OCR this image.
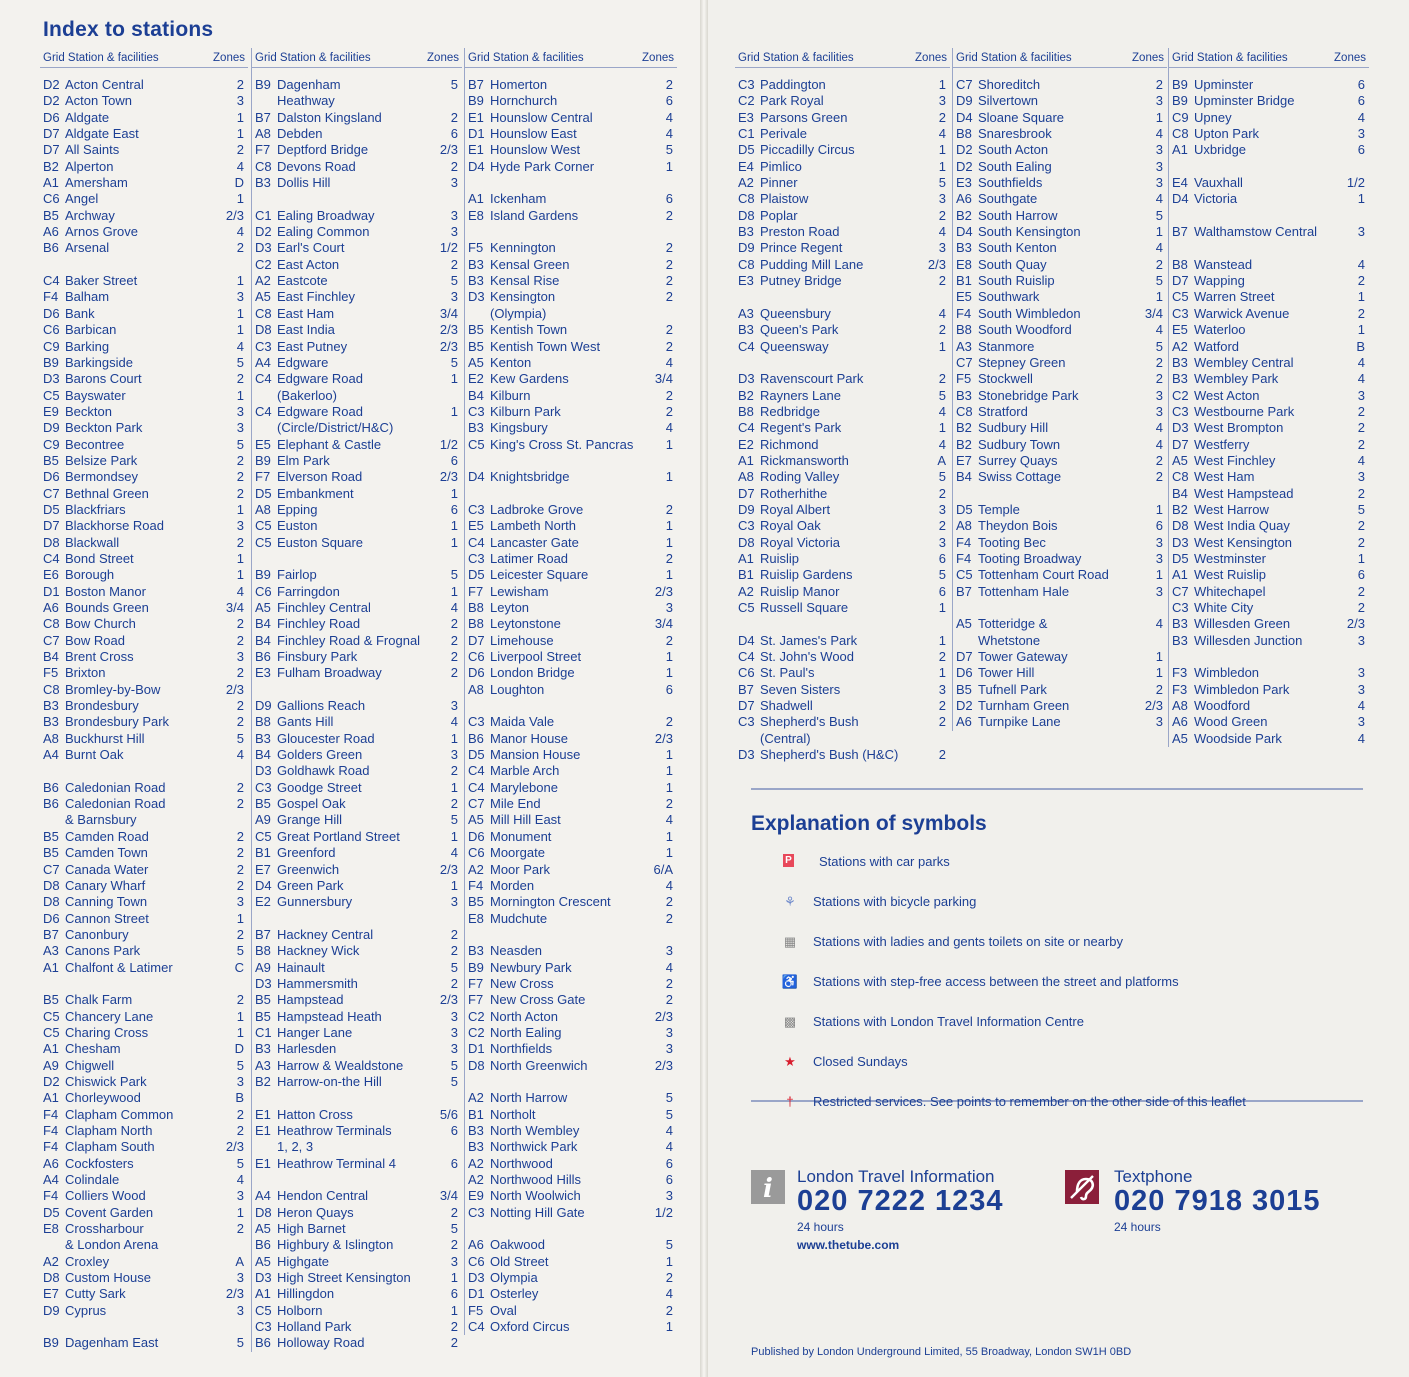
Index to stations
Grid Station & facilities	Zones
D2 Acton Central	2
D2 Acton Town	3
D6 Aldgate	1
D7 Aldgate East	1
D7 All Saints	2
B2 Alperton	4
A1 Amersham	D
C6 Angel	1
B5 Archway	2/3
A6 Arnos Grove	4
B6 Arsenal	2
C4 Baker Street	1
F4 Balham	3
D6 Bank	1
C6 Barbican	1
C9 Barking	4
B9 Barkingside	5
D3 Barons Court	2
C5 Bayswater	1
E9 Beckton	3
D9 Beckton Park	3
C9 Becontree	5
B5 Belsize Park	2
D6 Bermondsey	2
C7 Bethnal Green	2
D5 Blackfriars	1
D7 Blackhorse Road	3
D8 Blackwall	2
C4 Bond Street	1
E6 Borough	1
D1 Boston Manor	4
A6 Bounds Green	3/4
C8 Bow Church	2
C7 Bow Road	2
B4 Brent Cross	3
F5 Brixton	2
C8 Bromley-by-Bow	2/3
B3 Brondesbury	2
B3 Brondesbury Park	2
A8 Buckhurst Hill	5
A4 Burnt Oak	4
B6 Caledonian Road	2
B6 Caledonian Road	2
& Barnsbury
B5 Camden Road	2
B5 Camden Town	2
C7 Canada Water	2
D8 Canary Wharf	2
D8 Canning Town	3
D6 Cannon Street	1
B7 Canonbury	2
A3 Canons Park	5
A1 Chalfont & Latimer	C
B5 Chalk Farm	2
C5 Chancery Lane	1
C5 Charing Cross	1
A1 Chesham	D
A9 Chigwell	5
D2 Chiswick Park	3
A1 Chorleywood	B
F4 Clapham Common	2
F4 Clapham North	2
F4 Clapham South	2/3
A6 Cockfosters	5
A4 Colindale	4
F4 Colliers Wood	3
D5 Covent Garden	1
E8 Crossharbour	2
& London Arena
A2 Croxley	A
D8 Custom House	3
E7 Cutty Sark	2/3
D9 Cyprus	3
B9 Dagenham East	5
Grid Station & facilities	Zones
B9 Dagenham	5
Heathway
B7 Dalston Kingsland	2
A8 Debden	6
F7 Deptford Bridge	2/3
C8 Devons Road	2
B3 Dollis Hill	3
C1 Ealing Broadway	3
D2 Ealing Common	3
D3 Earl's Court	1/2
C2 East Acton	2
A2 Eastcote	5
A5 East Finchley	3
C8 East Ham	3/4
D8 East India	2/3
C3 East Putney	2/3
A4 Edgware	5
C4 Edgware Road	1
(Bakerloo)
C4 Edgware Road	1
(Circle/District/H&C)
E5 Elephant & Castle	1/2
B9 Elm Park	6
F7 Elverson Road	2/3
D5 Embankment	1
A8 Epping	6
C5 Euston	1
C5 Euston Square	1
B9 Fairlop	5
C6 Farringdon	1
A5 Finchley Central	4
B4 Finchley Road	2
B4 Finchley Road & Frognal	2
B6 Finsbury Park	2
E3 Fulham Broadway	2
D9 Gallions Reach	3
B8 Gants Hill	4
B3 Gloucester Road	1
B4 Golders Green	3
D3 Goldhawk Road	2
C3 Goodge Street	1
B5 Gospel Oak	2
A9 Grange Hill	5
C5 Great Portland Street	1
B1 Greenford	4
E7 Greenwich	2/3
D4 Green Park	1
E2 Gunnersbury	3
B7 Hackney Central	2
B8 Hackney Wick	2
A9 Hainault	5
D3 Hammersmith	2
B5 Hampstead	2/3
B5 Hampstead Heath	3
C1 Hanger Lane	3
B3 Harlesden	3
A3 Harrow & Wealdstone	5
B2 Harrow-on-the Hill	5
E1 Hatton Cross	5/6
E1 Heathrow Terminals	6
1, 2, 3
E1 Heathrow Terminal 4	6
A4 Hendon Central	3/4
D8 Heron Quays	2
A5 High Barnet	5
B6 Highbury & Islington	2
A5 Highgate	3
D3 High Street Kensington	1
A1 Hillingdon	6
C5 Holborn	1
C3 Holland Park	2
B6 Holloway Road	2
Grid Station & facilities	Zones
B7 Homerton	2
B9 Hornchurch	6
E1 Hounslow Central	4
D1 Hounslow East	4
E1 Hounslow West	5
D4 Hyde Park Corner	1
A1 Ickenham	6
E8 Island Gardens	2
F5 Kennington	2
B3 Kensal Green	2
B3 Kensal Rise	2
D3 Kensington	2
(Olympia)
B5 Kentish Town	2
B5 Kentish Town West	2
A5 Kenton	4
E2 Kew Gardens	3/4
B4 Kilburn	2
C3 Kilburn Park	2
B3 Kingsbury	4
C5 King's Cross St. Pancras	1
D4 Knightsbridge	1
C3 Ladbroke Grove	2
E5 Lambeth North	1
C4 Lancaster Gate	1
C3 Latimer Road	2
D5 Leicester Square	1
F7 Lewisham	2/3
B8 Leyton	3
B8 Leytonstone	3/4
D7 Limehouse	2
C6 Liverpool Street	1
D6 London Bridge	1
A8 Loughton	6
C3 Maida Vale	2
B6 Manor House	2/3
D5 Mansion House	1
C4 Marble Arch	1
C4 Marylebone	1
C7 Mile End	2
A5 Mill Hill East	4
D6 Monument	1
C6 Moorgate	1
A2 Moor Park	6/A
F4 Morden	4
B5 Mornington Crescent	2
E8 Mudchute	2
B3 Neasden	3
B9 Newbury Park	4
F7 New Cross	2
F7 New Cross Gate	2
C2 North Acton	2/3
C2 North Ealing	3
D1 Northfields	3
D8 North Greenwich	2/3
A2 North Harrow	5
B1 Northolt	5
B3 North Wembley	4
B3 Northwick Park	4
A2 Northwood	6
A2 Northwood Hills	6
E9 North Woolwich	3
C3 Notting Hill Gate	1/2
A6 Oakwood	5
C6 Old Street	1
D3 Olympia	2
D1 Osterley	4
F5 Oval	2
C4 Oxford Circus	1
Grid Station & facilities	Zones
C3 Paddington	1
C2 Park Royal	3
E3 Parsons Green	2
C1 Perivale	4
D5 Piccadilly Circus	1
E4 Pimlico	1
A2 Pinner	5
C8 Plaistow	3
D8 Poplar	2
B3 Preston Road	4
D9 Prince Regent	3
C8 Pudding Mill Lane	2/3
E3 Putney Bridge	2
A3 Queensbury	4
B3 Queen's Park	2
C4 Queensway	1
D3 Ravenscourt Park	2
B2 Rayners Lane	5
B8 Redbridge	4
C4 Regent's Park	1
E2 Richmond	4
A1 Rickmansworth	A
A8 Roding Valley	5
D7 Rotherhithe	2
D9 Royal Albert	3
C3 Royal Oak	2
D8 Royal Victoria	3
A1 Ruislip	6
B1 Ruislip Gardens	5
A2 Ruislip Manor	6
C5 Russell Square	1
D4 St. James's Park	1
C4 St. John's Wood	2
C6 St. Paul's	1
B7 Seven Sisters	3
D7 Shadwell	2
C3 Shepherd's Bush	2
(Central)
D3 Shepherd's Bush (H&C)	2
Grid Station & facilities	Zones
C7 Shoreditch	2
D9 Silvertown	3
D4 Sloane Square	1
B8 Snaresbrook	4
D2 South Acton	3
D2 South Ealing	3
E3 Southfields	3
A6 Southgate	4
B2 South Harrow	5
D4 South Kensington	1
B3 South Kenton	4
E8 South Quay	2
B1 South Ruislip	5
E5 Southwark	1
F4 South Wimbledon	3/4
B8 South Woodford	4
A3 Stanmore	5
C7 Stepney Green	2
F5 Stockwell	2
B3 Stonebridge Park	3
C8 Stratford	3
B2 Sudbury Hill	4
B2 Sudbury Town	4
E7 Surrey Quays	2
B4 Swiss Cottage	2
D5 Temple	1
A8 Theydon Bois	6
F4 Tooting Bec	3
F4 Tooting Broadway	3
C5 Tottenham Court Road	1
B7 Tottenham Hale	3
A5 Totteridge &	4
Whetstone
D7 Tower Gateway	1
D6 Tower Hill	1
B5 Tufnell Park	2
D2 Turnham Green	2/3
A6 Turnpike Lane	3
Grid Station & facilities	Zones
B9 Upminster	6
B9 Upminster Bridge	6
C9 Upney	4
C8 Upton Park	3
A1 Uxbridge	6
E4 Vauxhall	1/2
D4 Victoria	1
B7 Walthamstow Central	3
B8 Wanstead	4
D7 Wapping	2
C5 Warren Street	1
C3 Warwick Avenue	2
E5 Waterloo	1
A2 Watford	B
B3 Wembley Central	4
B3 Wembley Park	4
C2 West Acton	3
C3 Westbourne Park	2
D3 West Brompton	2
D7 Westferry	2
A5 West Finchley	4
C8 West Ham	3
B4 West Hampstead	2
B2 West Harrow	5
D8 West India Quay	2
D3 West Kensington	2
D5 Westminster	1
A1 West Ruislip	6
C7 Whitechapel	2
C3 White City	2
B3 Willesden Green	2/3
B3 Willesden Junction	3
F3 Wimbledon	3
F3 Wimbledon Park	3
A8 Woodford	4
A6 Wood Green	3
A5 Woodside Park	4
Explanation of symbols
P Stations with car parks
⚘	Stations with bicycle parking
▦	Stations with ladies and gents toilets on site or nearby
♿	Stations with step-free access between the street and platforms
▩	Stations with London Travel Information Centre
★	Closed Sundays
†	Restricted services. See points to remember on the other side of this leaflet
i London Travel Information
020 7222 1234
24 hours
www.thetube.com
Textphone
020 7918 3015
24 hours
Published by London Underground Limited, 55 Broadway, London SW1H 0BD
